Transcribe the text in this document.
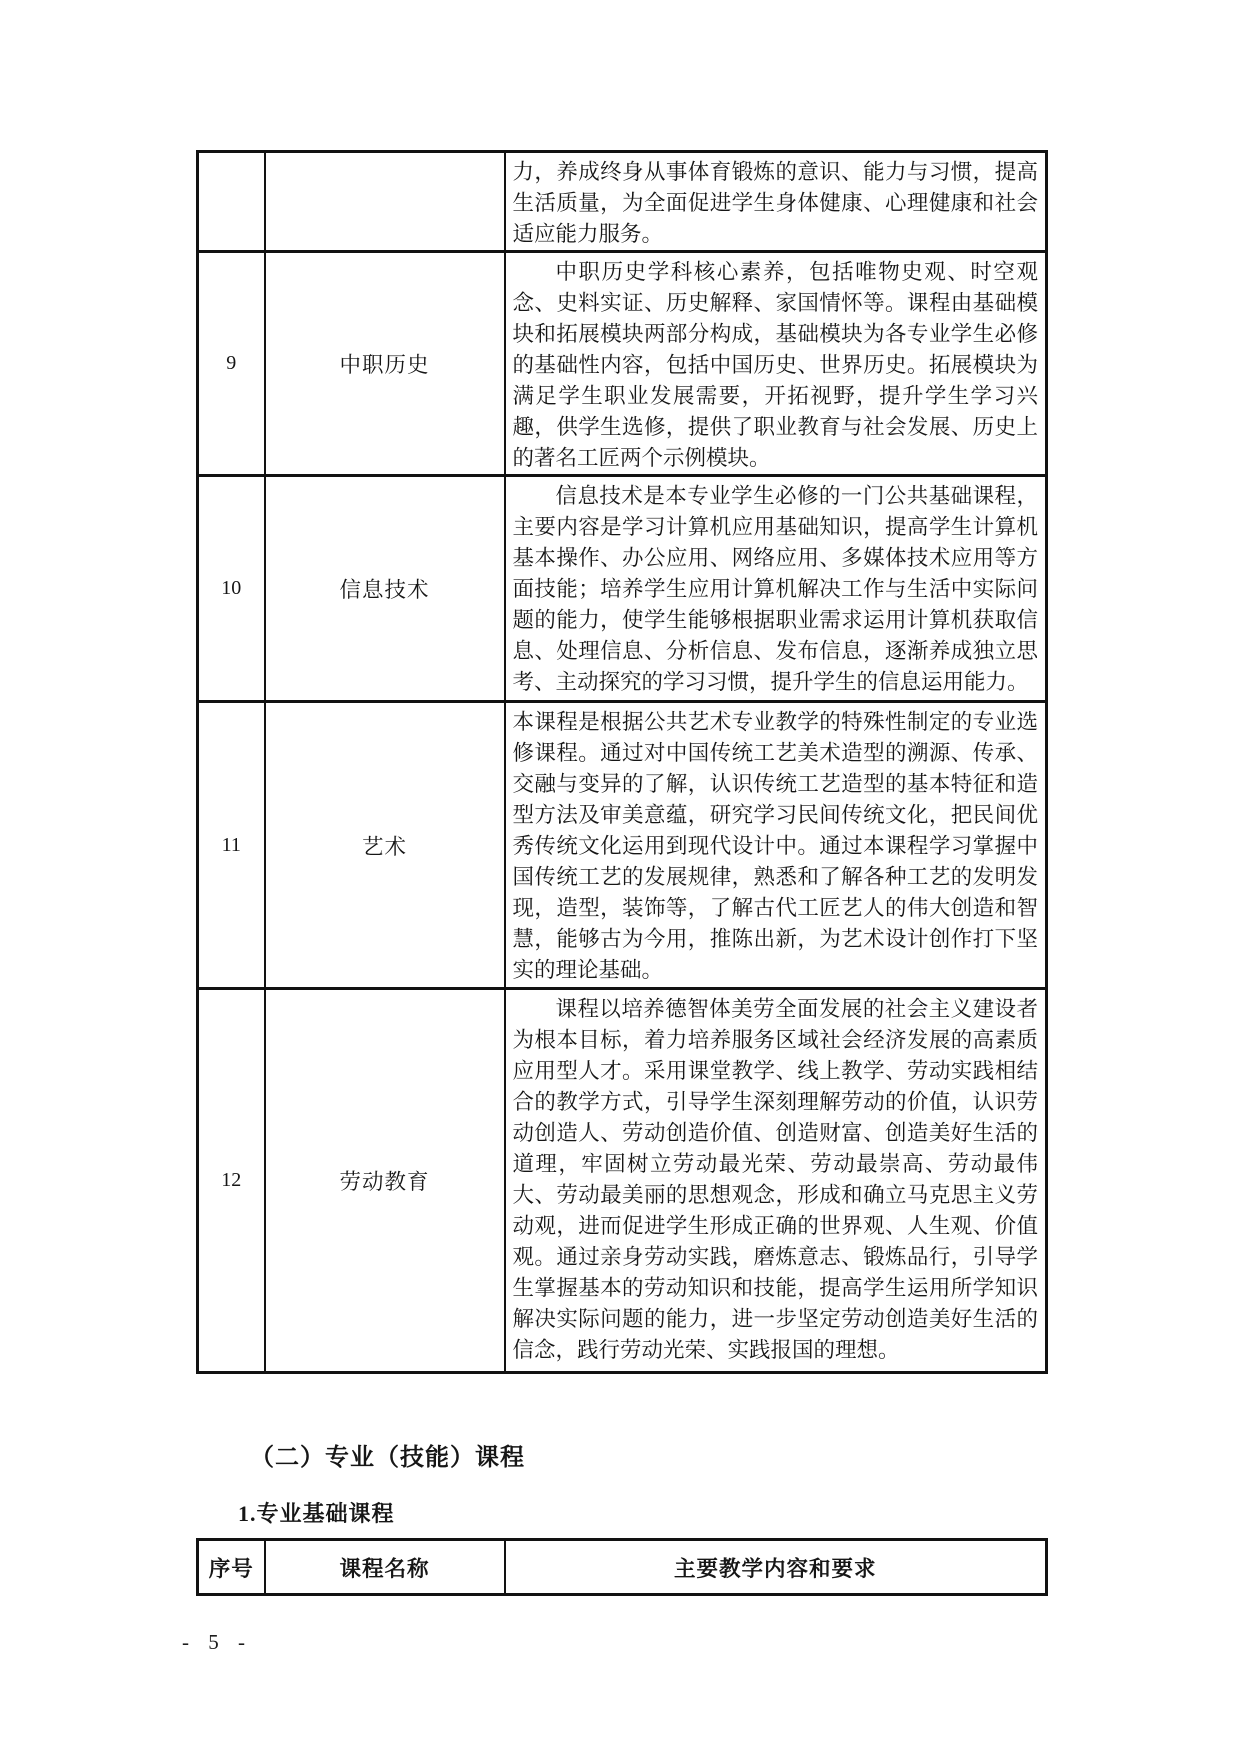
		力，养成终身从事体育锻炼的意识、能力与习惯，提高生活质量，为全面促进学生身体健康、心理健康和社会适应能力服务。

9	中职历史	中职历史学科核心素养，包括唯物史观、时空观念、史料实证、历史解释、家国情怀等。课程由基础模块和拓展模块两部分构成，基础模块为各专业学生必修的基础性内容，包括中国历史、世界历史。拓展模块为满足学生职业发展需要，开拓视野，提升学生学习兴趣，供学生选修，提供了职业教育与社会发展、历史上的著名工匠两个示例模块。

10	信息技术	信息技术是本专业学生必修的一门公共基础课程，主要内容是学习计算机应用基础知识，提高学生计算机基本操作、办公应用、网络应用、多媒体技术应用等方面技能；培养学生应用计算机解决工作与生活中实际问题的能力，使学生能够根据职业需求运用计算机获取信息、处理信息、分析信息、发布信息，逐渐养成独立思考、主动探究的学习习惯，提升学生的信息运用能力。

11	艺术	本课程是根据公共艺术专业教学的特殊性制定的专业选修课程。通过对中国传统工艺美术造型的溯源、传承、交融与变异的了解，认识传统工艺造型的基本特征和造型方法及审美意蕴，研究学习民间传统文化，把民间优秀传统文化运用到现代设计中。通过本课程学习掌握中国传统工艺的发展规律，熟悉和了解各种工艺的发明发现，造型，装饰等，了解古代工匠艺人的伟大创造和智慧，能够古为今用，推陈出新，为艺术设计创作打下坚实的理论基础。

12	劳动教育	课程以培养德智体美劳全面发展的社会主义建设者为根本目标，着力培养服务区域社会经济发展的高素质应用型人才。采用课堂教学、线上教学、劳动实践相结合的教学方式，引导学生深刻理解劳动的价值，认识劳动创造人、劳动创造价值、创造财富、创造美好生活的道理，牢固树立劳动最光荣、劳动最崇高、劳动最伟大、劳动最美丽的思想观念，形成和确立马克思主义劳动观，进而促进学生形成正确的世界观、人生观、价值观。通过亲身劳动实践，磨炼意志、锻炼品行，引导学生掌握基本的劳动知识和技能，提高学生运用所学知识解决实际问题的能力，进一步坚定劳动创造美好生活的信念，践行劳动光荣、实践报国的理想。

（二）专业（技能）课程
1.专业基础课程
序号	课程名称	主要教学内容和要求
- 5 -
